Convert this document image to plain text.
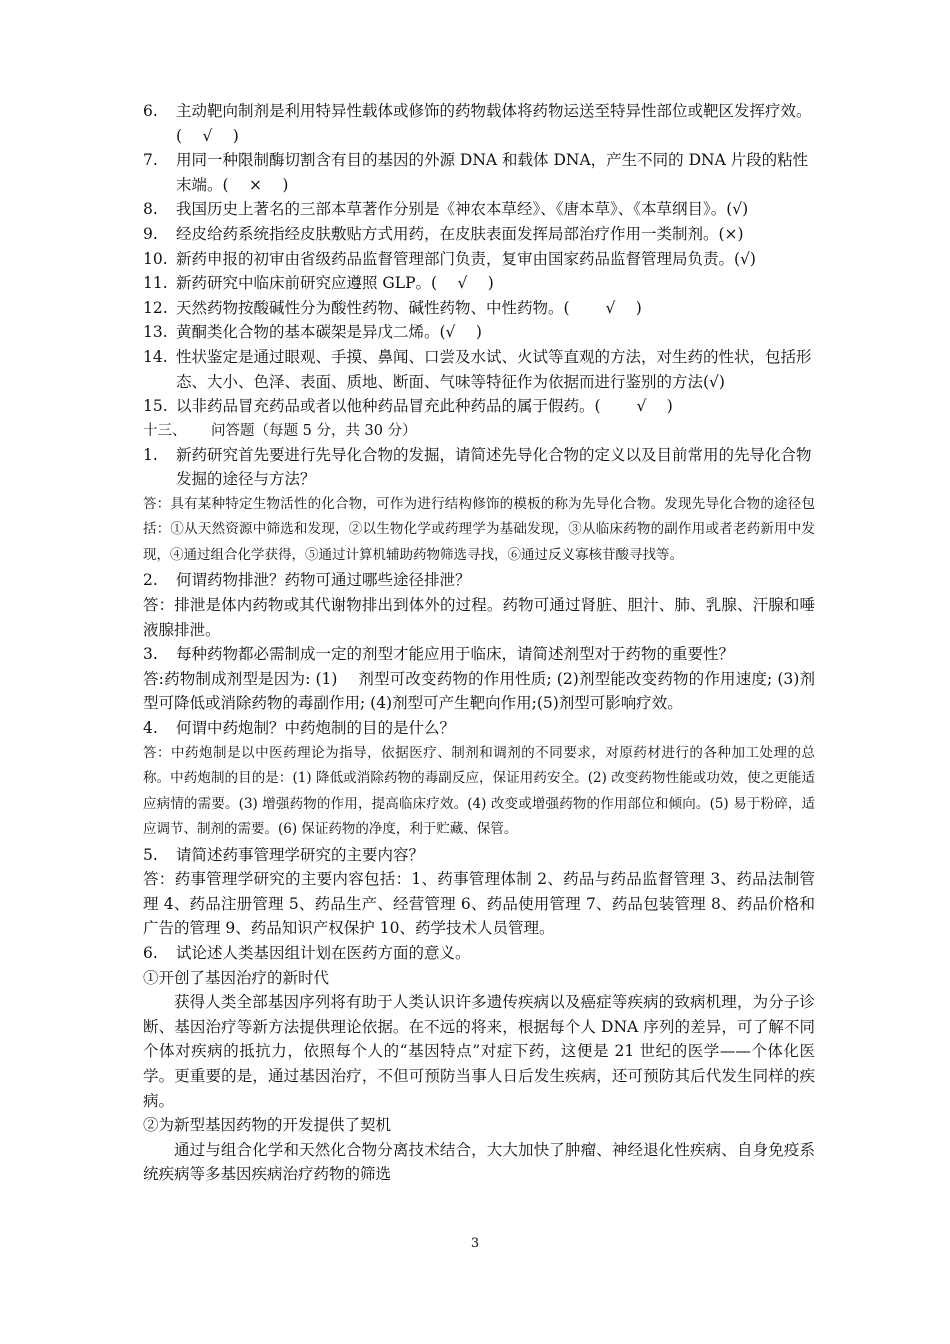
6.	主动靶向制剂是利用特异性载体或修饰的药物载体将药物运送至特异性部位或靶区发挥疗效。(　 √　 )
7.	用同一种限制酶切割含有目的基因的外源 DNA 和载体 DNA，产生不同的 DNA 片段的粘性末端。(　 ×　 )
8.	我国历史上著名的三部本草著作分别是《神农本草经》、《唐本草》、《本草纲目》。(√)
9.	经皮给药系统指经皮肤敷贴方式用药，在皮肤表面发挥局部治疗作用一类制剂。(×)
10. 新药申报的初审由省级药品监督管理部门负责，复审由国家药品监督管理局负责。(√)
11. 新药研究中临床前研究应遵照 GLP。(　 √　 )
12. 天然药物按酸碱性分为酸性药物、碱性药物、中性药物。(　　 √　 )
13. 黄酮类化合物的基本碳架是异戊二烯。(√　 )
14. 性状鉴定是通过眼观、手摸、鼻闻、口尝及水试、火试等直观的方法，对生药的性状，包括形态、大小、色泽、表面、质地、断面、气味等特征作为依据而进行鉴别的方法(√)
15. 以非药品冒充药品或者以他种药品冒充此种药品的属于假药。(　　 √　 )
十三、 问答题（每题 5 分，共 30 分）
1.	新药研究首先要进行先导化合物的发掘，请简述先导化合物的定义以及目前常用的先导化合物发掘的途径与方法？
答：具有某种特定生物活性的化合物，可作为进行结构修饰的模板的称为先导化合物。发现先导化合物的途径包括：①从天然资源中筛选和发现，②以生物化学或药理学为基础发现，③从临床药物的副作用或者老药新用中发现，④通过组合化学获得，⑤通过计算机辅助药物筛选寻找，⑥通过反义寡核苷酸寻找等。
2.	何谓药物排泄？药物可通过哪些途径排泄？
答：排泄是体内药物或其代谢物排出到体外的过程。药物可通过肾脏、胆汁、肺、乳腺、汗腺和唾液腺排泄。
3.	每种药物都必需制成一定的剂型才能应用于临床，请简述剂型对于药物的重要性？
答:药物制成剂型是因为: (1)　 剂型可改变药物的作用性质; (2)剂型能改变药物的作用速度; (3)剂型可降低或消除药物的毒副作用; (4)剂型可产生靶向作用;(5)剂型可影响疗效。
4.	何谓中药炮制？中药炮制的目的是什么？
答：中药炮制是以中医药理论为指导，依据医疗、制剂和调剂的不同要求，对原药材进行的各种加工处理的总称。中药炮制的目的是：(1) 降低或消除药物的毒副反应，保证用药安全。(2) 改变药物性能或功效，使之更能适应病情的需要。(3) 增强药物的作用，提高临床疗效。(4) 改变或增强药物的作用部位和倾向。(5) 易于粉碎，适应调节、制剂的需要。(6) 保证药物的净度，利于贮藏、保管。
5.	请简述药事管理学研究的主要内容？
答：药事管理学研究的主要内容包括：1、药事管理体制 2、药品与药品监督管理 3、药品法制管理 4、药品注册管理 5、药品生产、经营管理 6、药品使用管理 7、药品包装管理 8、药品价格和广告的管理 9、药品知识产权保护 10、药学技术人员管理。
6.	试论述人类基因组计划在医药方面的意义。
①开创了基因治疗的新时代
获得人类全部基因序列将有助于人类认识许多遗传疾病以及癌症等疾病的致病机理，为分子诊断、基因治疗等新方法提供理论依据。在不远的将来，根据每个人 DNA 序列的差异，可了解不同个体对疾病的抵抗力，依照每个人的“基因特点”对症下药，这便是 21 世纪的医学——个体化医学。更重要的是，通过基因治疗，不但可预防当事人日后发生疾病，还可预防其后代发生同样的疾病。
②为新型基因药物的开发提供了契机
通过与组合化学和天然化合物分离技术结合，大大加快了肿瘤、神经退化性疾病、自身免疫系统疾病等多基因疾病治疗药物的筛选
3
